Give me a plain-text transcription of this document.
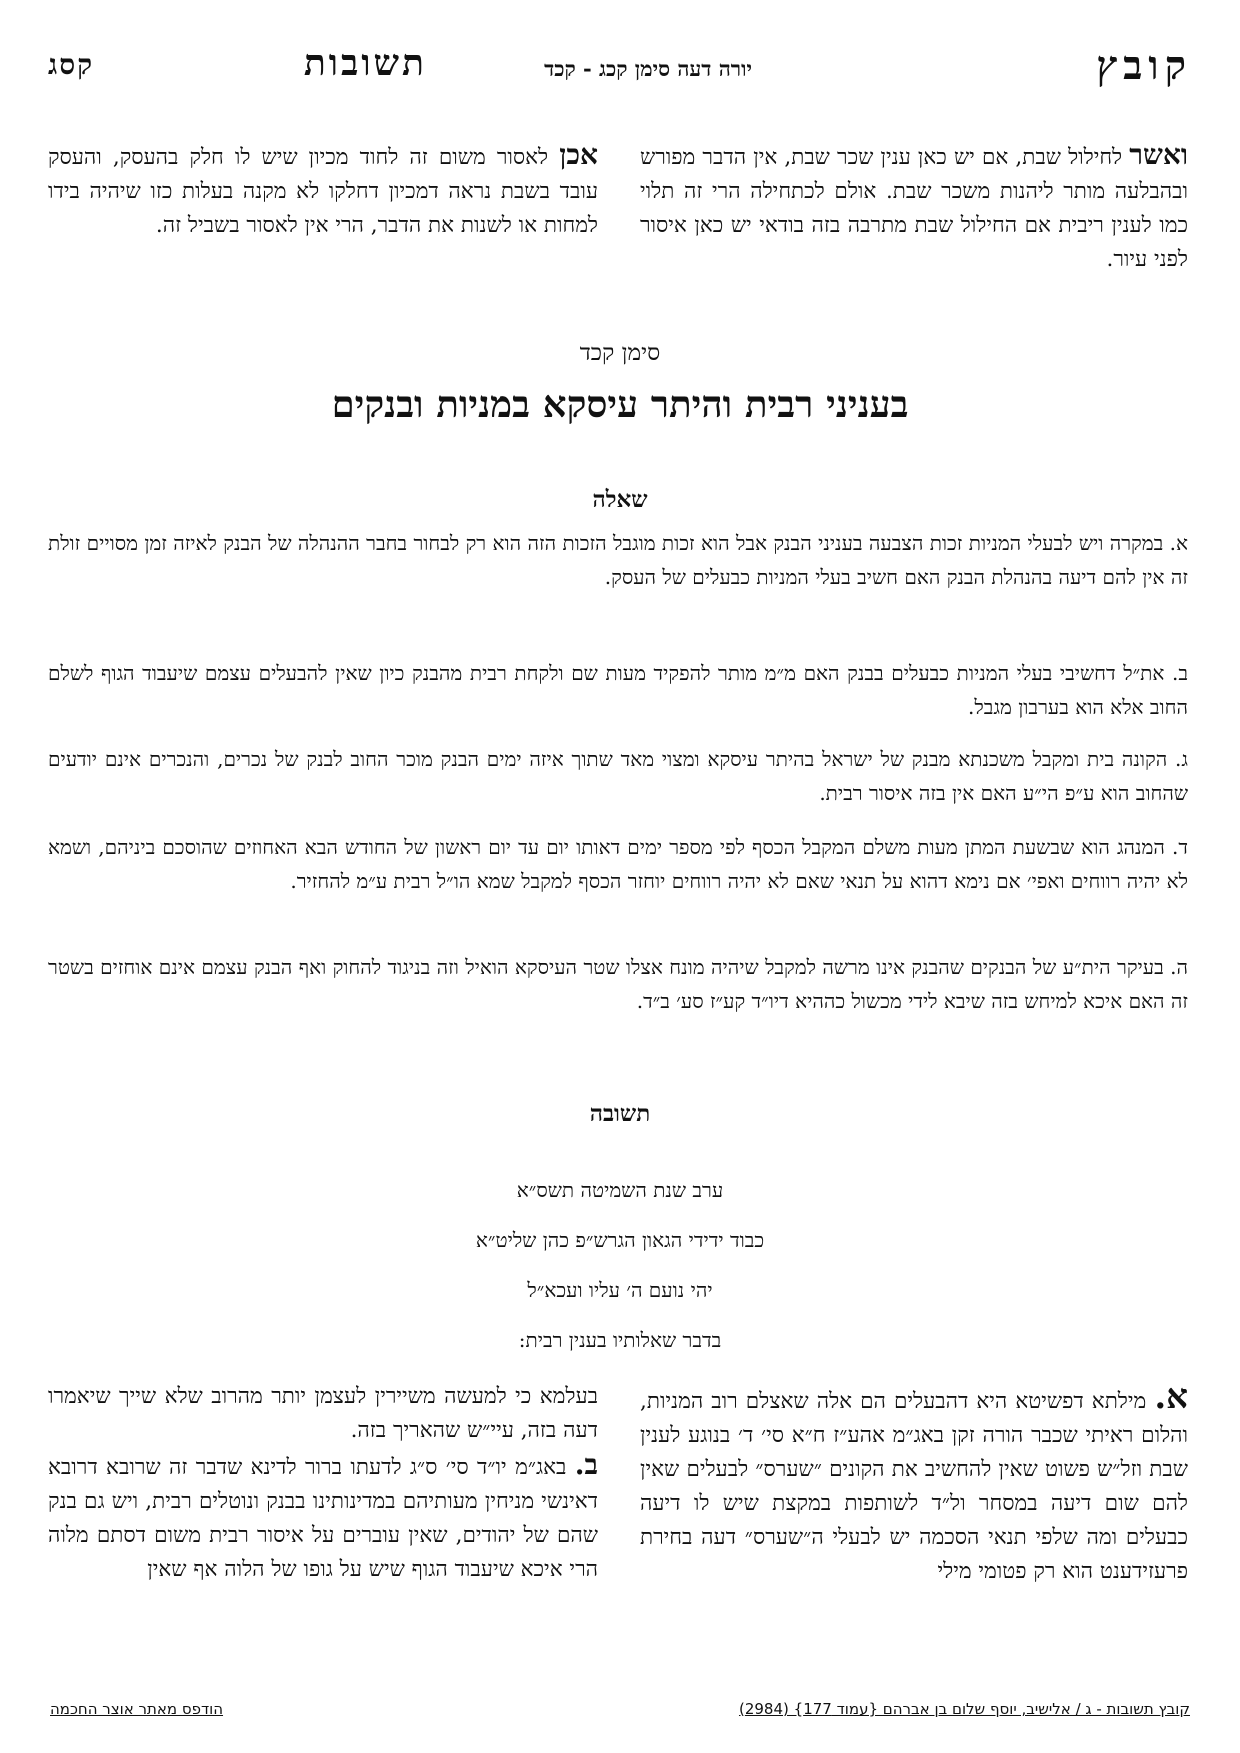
קובץ
יורה דעה סימן קכג - קכד
תשובות
קסג
ואשר לחילול שבת, אם יש כאן ענין שכר שבת, אין הדבר מפורש ובהבלעה מותר ליהנות משכר שבת. אולם לכתחילה הרי זה תלוי כמו לענין ריבית אם החילול שבת מתרבה בזה בודאי יש כאן איסור לפני עיור.
אכן לאסור משום זה לחוד מכיון שיש לו חלק בהעסק, והעסק עובד בשבת נראה דמכיון דחלקו לא מקנה בעלות כזו שיהיה בידו למחות או לשנות את הדבר, הרי אין לאסור בשביל זה.
סימן קכד
בעניני רבית והיתר עיסקא במניות ובנקים
שאלה
א. במקרה ויש לבעלי המניות זכות הצבעה בעניני הבנק אבל הוא זכות מוגבל הזכות הזה הוא רק לבחור בחבר ההנהלה של הבנק לאיזה זמן מסויים זולת זה אין להם דיעה בהנהלת הבנק האם חשיב בעלי המניות כבעלים של העסק.
ב. את״ל דחשיבי בעלי המניות כבעלים בבנק האם מ״מ מותר להפקיד מעות שם ולקחת רבית מהבנק כיון שאין להבעלים עצמם שיעבוד הגוף לשלם החוב אלא הוא בערבון מגבל.
ג. הקונה בית ומקבל משכנתא מבנק של ישראל בהיתר עיסקא ומצוי מאד שתוך איזה ימים הבנק מוכר החוב לבנק של נכרים, והנכרים אינם יודעים שהחוב הוא ע״פ הי״ע האם אין בזה איסור רבית.
ד. המנהג הוא שבשעת המתן מעות משלם המקבל הכסף לפי מספר ימים דאותו יום עד יום ראשון של החודש הבא האחוזים שהוסכם ביניהם, ושמא לא יהיה רווחים ואפי׳ אם נימא דהוא על תנאי שאם לא יהיה רווחים יוחזר הכסף למקבל שמא הו״ל רבית ע״מ להחזיר.
ה. בעיקר הית״ע של הבנקים שהבנק אינו מרשה למקבל שיהיה מונח אצלו שטר העיסקא הואיל וזה בניגוד להחוק ואף הבנק עצמם אינם אוחזים בשטר זה האם איכא למיחש בזה שיבא לידי מכשול כההיא דיו״ד קע״ז סע׳ ב״ד.
תשובה
ערב שנת השמיטה תשס״א
כבוד ידידי הגאון הגרש״פ כהן שליט״א
יהי נועם ה׳ עליו ועכא״ל
בדבר שאלותיו בענין רבית:
א. מילתא דפשיטא היא דהבעלים הם אלה שאצלם רוב המניות, והלום ראיתי שכבר הורה זקן באג״מ אהע״ז ח״א סי׳ ד׳ בנוגע לענין שבת וזל״ש פשוט שאין להחשיב את הקונים ״שערס״ לבעלים שאין להם שום דיעה במסחר ול״ד לשותפות במקצת שיש לו דיעה כבעלים ומה שלפי תנאי הסכמה יש לבעלי ה״שערס״ דעה בחירת פרעזידענט הוא רק פטומי מילי
בעלמא כי למעשה משיירין לעצמן יותר מהרוב שלא שייך שיאמרו דעה בזה, עיי״ש שהאריך בזה.
ב. באג״מ יו״ד סי׳ ס״ג לדעתו ברור לדינא שדבר זה שרובא דרובא דאינשי מניחין מעותיהם במדינותינו בבנק ונוטלים רבית, ויש גם בנק שהם של יהודים, שאין עוברים על איסור רבית משום דסתם מלוה הרי איכא שיעבוד הגוף שיש על גופו של הלוה אף שאין
קובץ תשובות - ג / אלישיב, יוסף שלום בן אברהם {עמוד 177} (2984)
הודפס מאתר אוצר החכמה
